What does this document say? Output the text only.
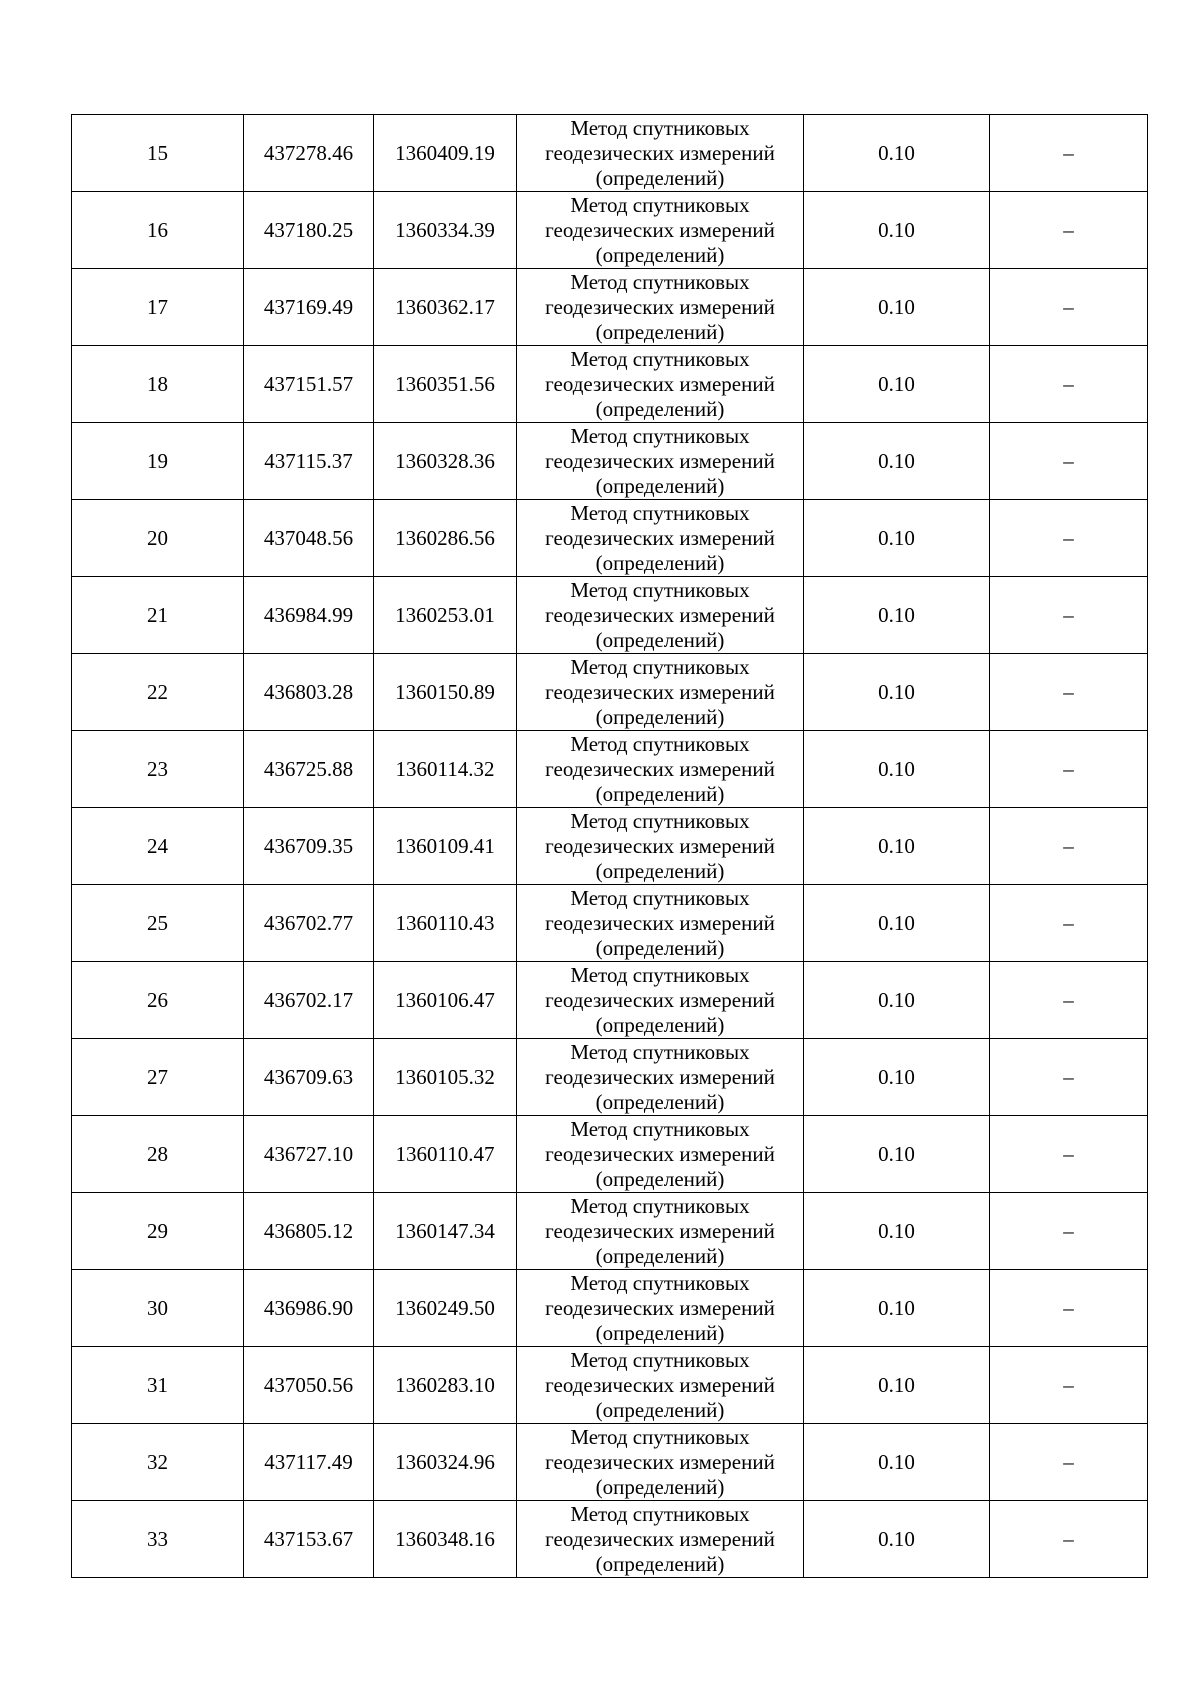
15	437278.46	1360409.19	Метод спутниковых
геодезических измерений
(определений)	0.10	–
16	437180.25	1360334.39	Метод спутниковых
геодезических измерений
(определений)	0.10	–
17	437169.49	1360362.17	Метод спутниковых
геодезических измерений
(определений)	0.10	–
18	437151.57	1360351.56	Метод спутниковых
геодезических измерений
(определений)	0.10	–
19	437115.37	1360328.36	Метод спутниковых
геодезических измерений
(определений)	0.10	–
20	437048.56	1360286.56	Метод спутниковых
геодезических измерений
(определений)	0.10	–
21	436984.99	1360253.01	Метод спутниковых
геодезических измерений
(определений)	0.10	–
22	436803.28	1360150.89	Метод спутниковых
геодезических измерений
(определений)	0.10	–
23	436725.88	1360114.32	Метод спутниковых
геодезических измерений
(определений)	0.10	–
24	436709.35	1360109.41	Метод спутниковых
геодезических измерений
(определений)	0.10	–
25	436702.77	1360110.43	Метод спутниковых
геодезических измерений
(определений)	0.10	–
26	436702.17	1360106.47	Метод спутниковых
геодезических измерений
(определений)	0.10	–
27	436709.63	1360105.32	Метод спутниковых
геодезических измерений
(определений)	0.10	–
28	436727.10	1360110.47	Метод спутниковых
геодезических измерений
(определений)	0.10	–
29	436805.12	1360147.34	Метод спутниковых
геодезических измерений
(определений)	0.10	–
30	436986.90	1360249.50	Метод спутниковых
геодезических измерений
(определений)	0.10	–
31	437050.56	1360283.10	Метод спутниковых
геодезических измерений
(определений)	0.10	–
32	437117.49	1360324.96	Метод спутниковых
геодезических измерений
(определений)	0.10	–
33	437153.67	1360348.16	Метод спутниковых
геодезических измерений
(определений)	0.10	–
